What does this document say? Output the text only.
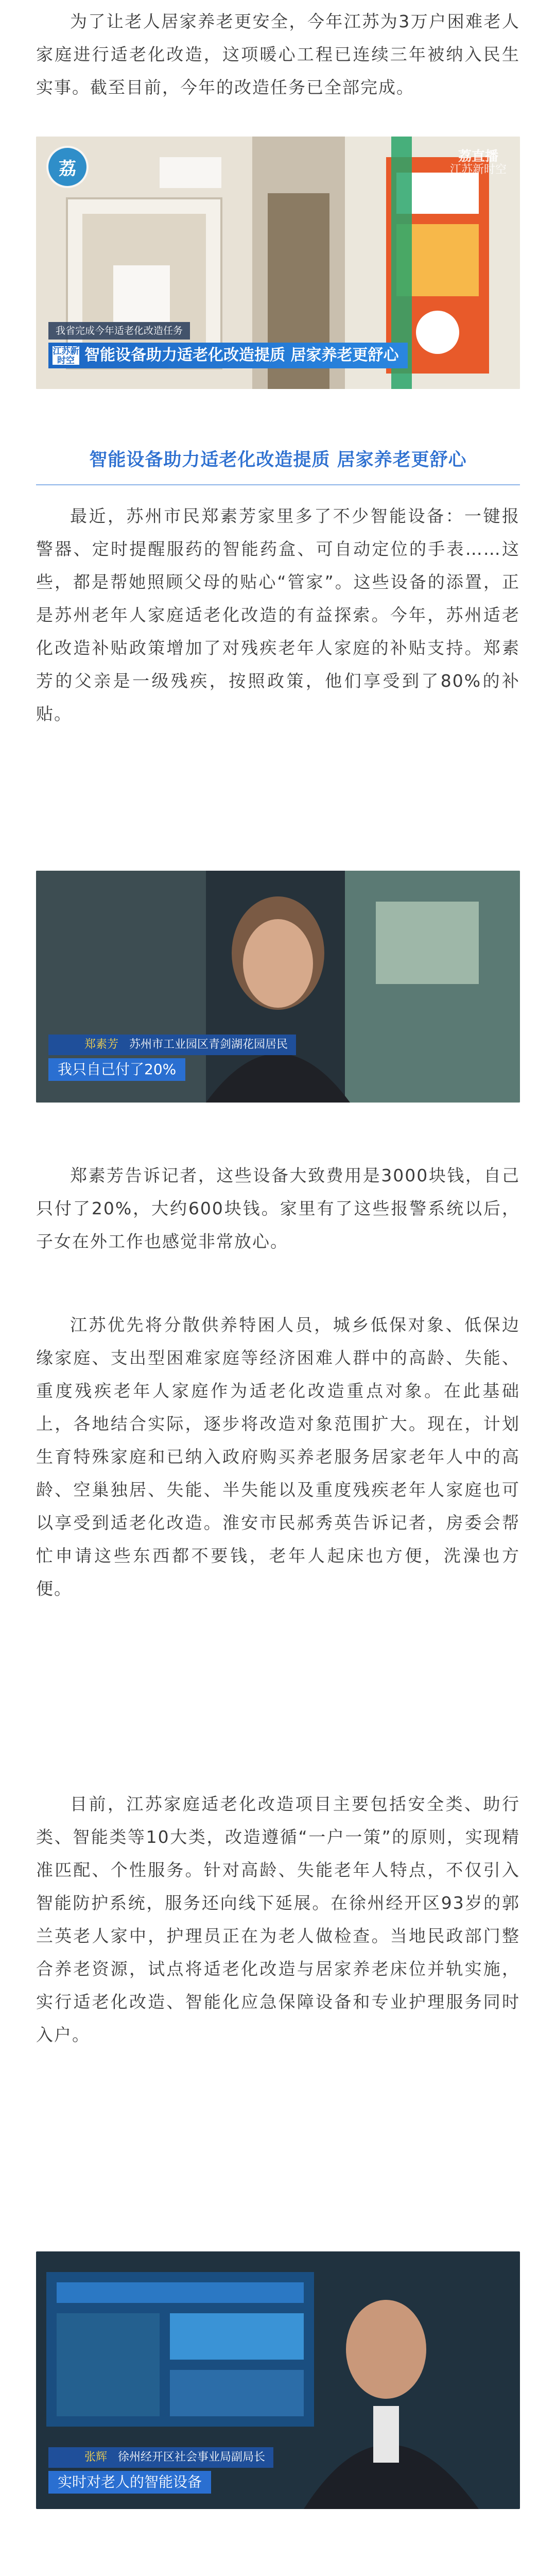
为了让老人居家养老更安全，今年江苏为3万户困难老人家庭进行适老化改造，这项暖心工程已连续三年被纳入民生实事。截至目前，今年的改造任务已全部完成。

荔
荔直播
江苏新时空
我省完成今年适老化改造任务
江苏新时空 智能设备助力适老化改造提质 居家养老更舒心
智能设备助力适老化改造提质 居家养老更舒心

最近，苏州市民郑素芳家里多了不少智能设备：一键报警器、定时提醒服药的智能药盒、可自动定位的手表……这些，都是帮她照顾父母的贴心“管家”。这些设备的添置，正是苏州老年人家庭适老化改造的有益探索。今年，苏州适老化改造补贴政策增加了对残疾老年人家庭的补贴支持。郑素芳的父亲是一级残疾，按照政策，他们享受到了80%的补贴。

郑素芳 苏州市工业园区青剑湖花园居民
我只自己付了20%

郑素芳告诉记者，这些设备大致费用是3000块钱，自己只付了20%，大约600块钱。家里有了这些报警系统以后，子女在外工作也感觉非常放心。

江苏优先将分散供养特困人员，城乡低保对象、低保边缘家庭、支出型困难家庭等经济困难人群中的高龄、失能、重度残疾老年人家庭作为适老化改造重点对象。在此基础上，各地结合实际，逐步将改造对象范围扩大。现在，计划生育特殊家庭和已纳入政府购买养老服务居家老年人中的高龄、空巢独居、失能、半失能以及重度残疾老年人家庭也可以享受到适老化改造。淮安市民郝秀英告诉记者，房委会帮忙申请这些东西都不要钱，老年人起床也方便，洗澡也方便。

目前，江苏家庭适老化改造项目主要包括安全类、助行类、智能类等10大类，改造遵循“一户一策”的原则，实现精准匹配、个性服务。针对高龄、失能老年人特点，不仅引入智能防护系统，服务还向线下延展。在徐州经开区93岁的郭兰英老人家中，护理员正在为老人做检查。当地民政部门整合养老资源，试点将适老化改造与居家养老床位并轨实施，实行适老化改造、智能化应急保障设备和专业护理服务同时入户。

张辉 徐州经开区社会事业局副局长
实时对老人的智能设备
